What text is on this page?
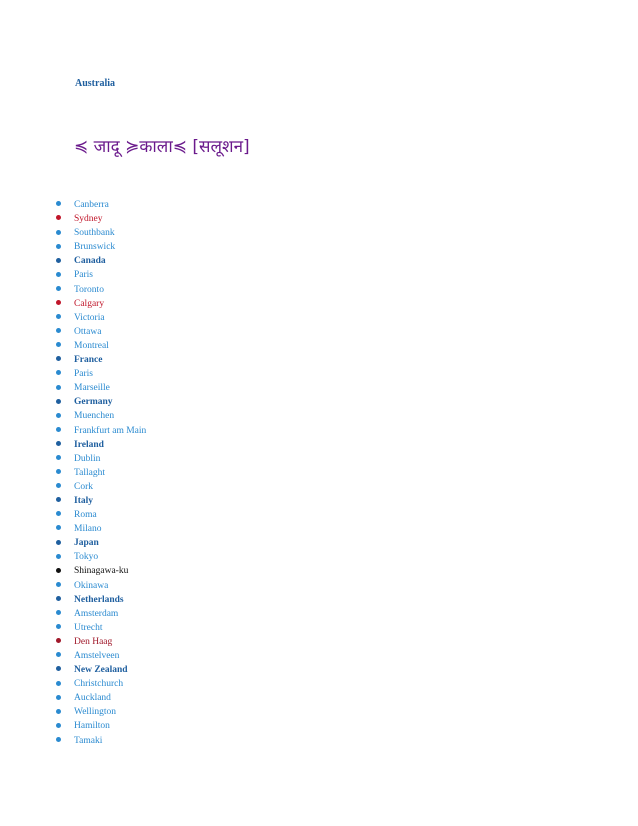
Australia

≼ जादू ≽काला≼ [सलूशन]

Canberra
Sydney
Southbank
Brunswick
Canada
Paris
Toronto
Calgary
Victoria
Ottawa
Montreal
France
Paris
Marseille
Germany
Muenchen
Frankfurt am Main
Ireland
Dublin
Tallaght
Cork
Italy
Roma
Milano
Japan
Tokyo
Shinagawa-ku
Okinawa
Netherlands
Amsterdam
Utrecht
Den Haag
Amstelveen
New Zealand
Christchurch
Auckland
Wellington
Hamilton
Tamaki
